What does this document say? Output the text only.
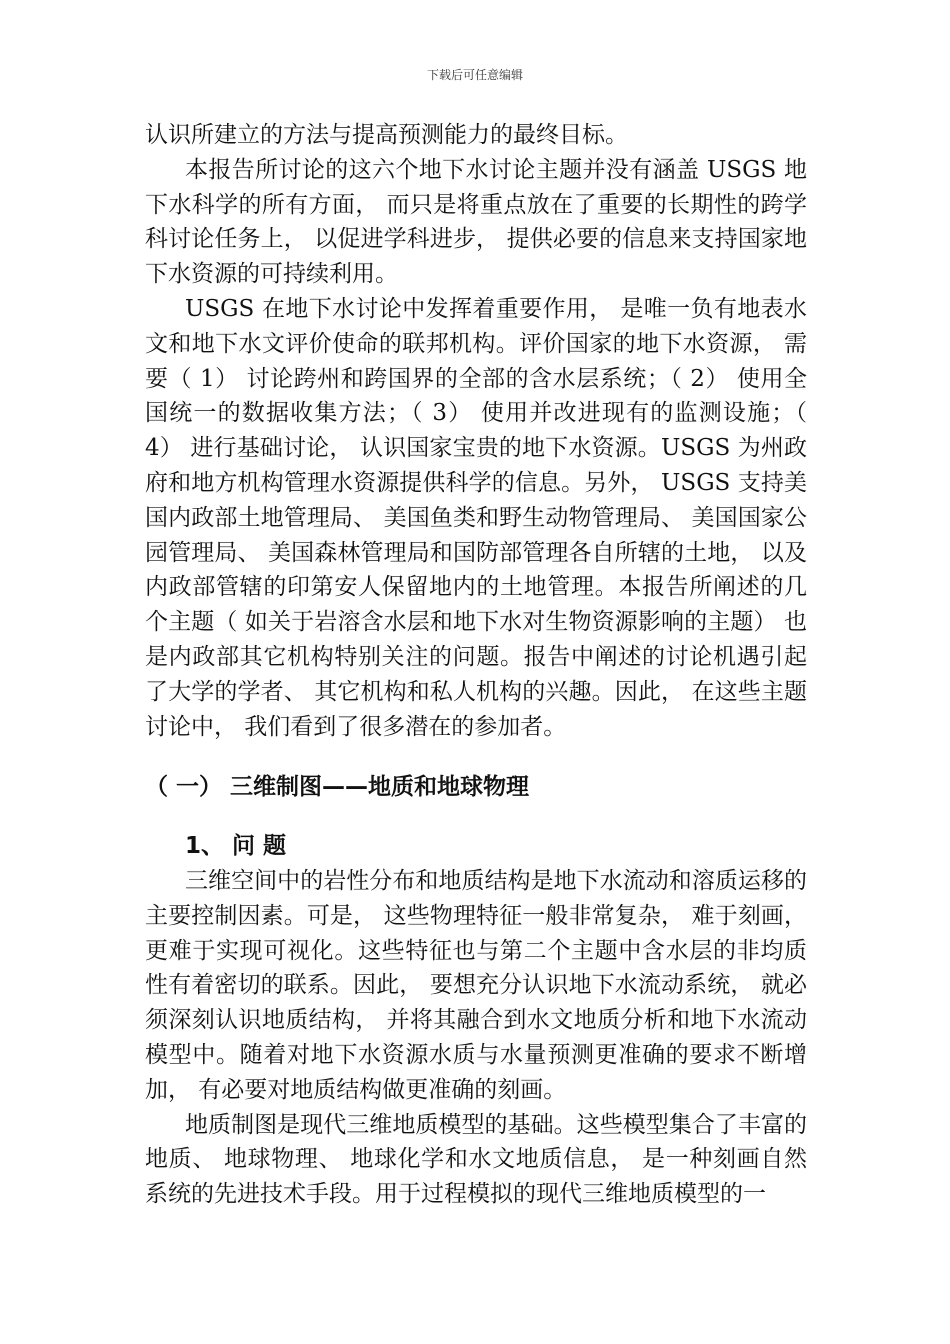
下载后可任意编辑

认识所建立的方法与提高预测能力的最终目标。

本报告所讨论的这六个地下水讨论主题并没有涵盖 USGS 地下水科学的所有方面， 而只是将重点放在了重要的长期性的跨学科讨论任务上， 以促进学科进步， 提供必要的信息来支持国家地下水资源的可持续利用。

USGS 在地下水讨论中发挥着重要作用， 是唯一负有地表水文和地下水文评价使命的联邦机构。评价国家的地下水资源， 需要（ 1） 讨论跨州和跨国界的全部的含水层系统；（ 2） 使用全国统一的数据收集方法；（ 3） 使用并改进现有的监测设施；（ 4） 进行基础讨论， 认识国家宝贵的地下水资源。USGS 为州政府和地方机构管理水资源提供科学的信息。另外， USGS 支持美国内政部土地管理局、 美国鱼类和野生动物管理局、 美国国家公园管理局、 美国森林管理局和国防部管理各自所辖的土地， 以及内政部管辖的印第安人保留地内的土地管理。本报告所阐述的几个主题（ 如关于岩溶含水层和地下水对生物资源影响的主题） 也是内政部其它机构特别关注的问题。报告中阐述的讨论机遇引起了大学的学者、 其它机构和私人机构的兴趣。因此， 在这些主题讨论中， 我们看到了很多潜在的参加者。

（ 一） 三维制图——地质和地球物理
1、 问 题

三维空间中的岩性分布和地质结构是地下水流动和溶质运移的主要控制因素。可是， 这些物理特征一般非常复杂， 难于刻画， 更难于实现可视化。这些特征也与第二个主题中含水层的非均质性有着密切的联系。因此， 要想充分认识地下水流动系统， 就必须深刻认识地质结构， 并将其融合到水文地质分析和地下水流动模型中。随着对地下水资源水质与水量预测更准确的要求不断增加， 有必要对地质结构做更准确的刻画。

地质制图是现代三维地质模型的基础。这些模型集合了丰富的地质、 地球物理、 地球化学和水文地质信息， 是一种刻画自然系统的先进技术手段。用于过程模拟的现代三维地质模型的一
